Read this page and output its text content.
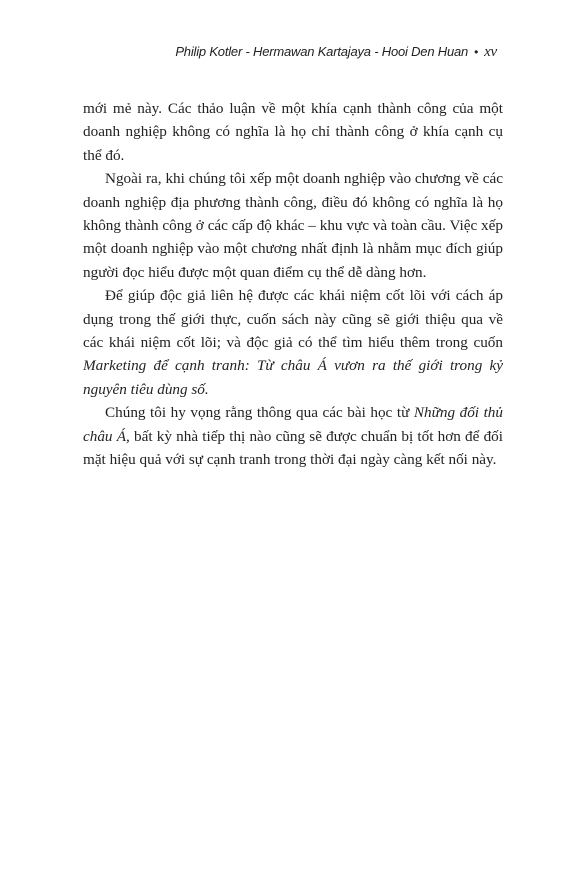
Philip Kotler - Hermawan Kartajaya - Hooi Den Huan • xv

mới mẻ này. Các thảo luận về một khía cạnh thành công của một doanh nghiệp không có nghĩa là họ chỉ thành công ở khía cạnh cụ thể đó.

Ngoài ra, khi chúng tôi xếp một doanh nghiệp vào chương về các doanh nghiệp địa phương thành công, điều đó không có nghĩa là họ không thành công ở các cấp độ khác – khu vực và toàn cầu. Việc xếp một doanh nghiệp vào một chương nhất định là nhằm mục đích giúp người đọc hiểu được một quan điểm cụ thể dễ dàng hơn.

Để giúp độc giả liên hệ được các khái niệm cốt lõi với cách áp dụng trong thế giới thực, cuốn sách này cũng sẽ giới thiệu qua về các khái niệm cốt lõi; và độc giả có thể tìm hiểu thêm trong cuốn Marketing để cạnh tranh: Từ châu Á vươn ra thế giới trong kỷ nguyên tiêu dùng số.

Chúng tôi hy vọng rằng thông qua các bài học từ Những đối thủ châu Á, bất kỳ nhà tiếp thị nào cũng sẽ được chuẩn bị tốt hơn để đối mặt hiệu quả với sự cạnh tranh trong thời đại ngày càng kết nối này.
